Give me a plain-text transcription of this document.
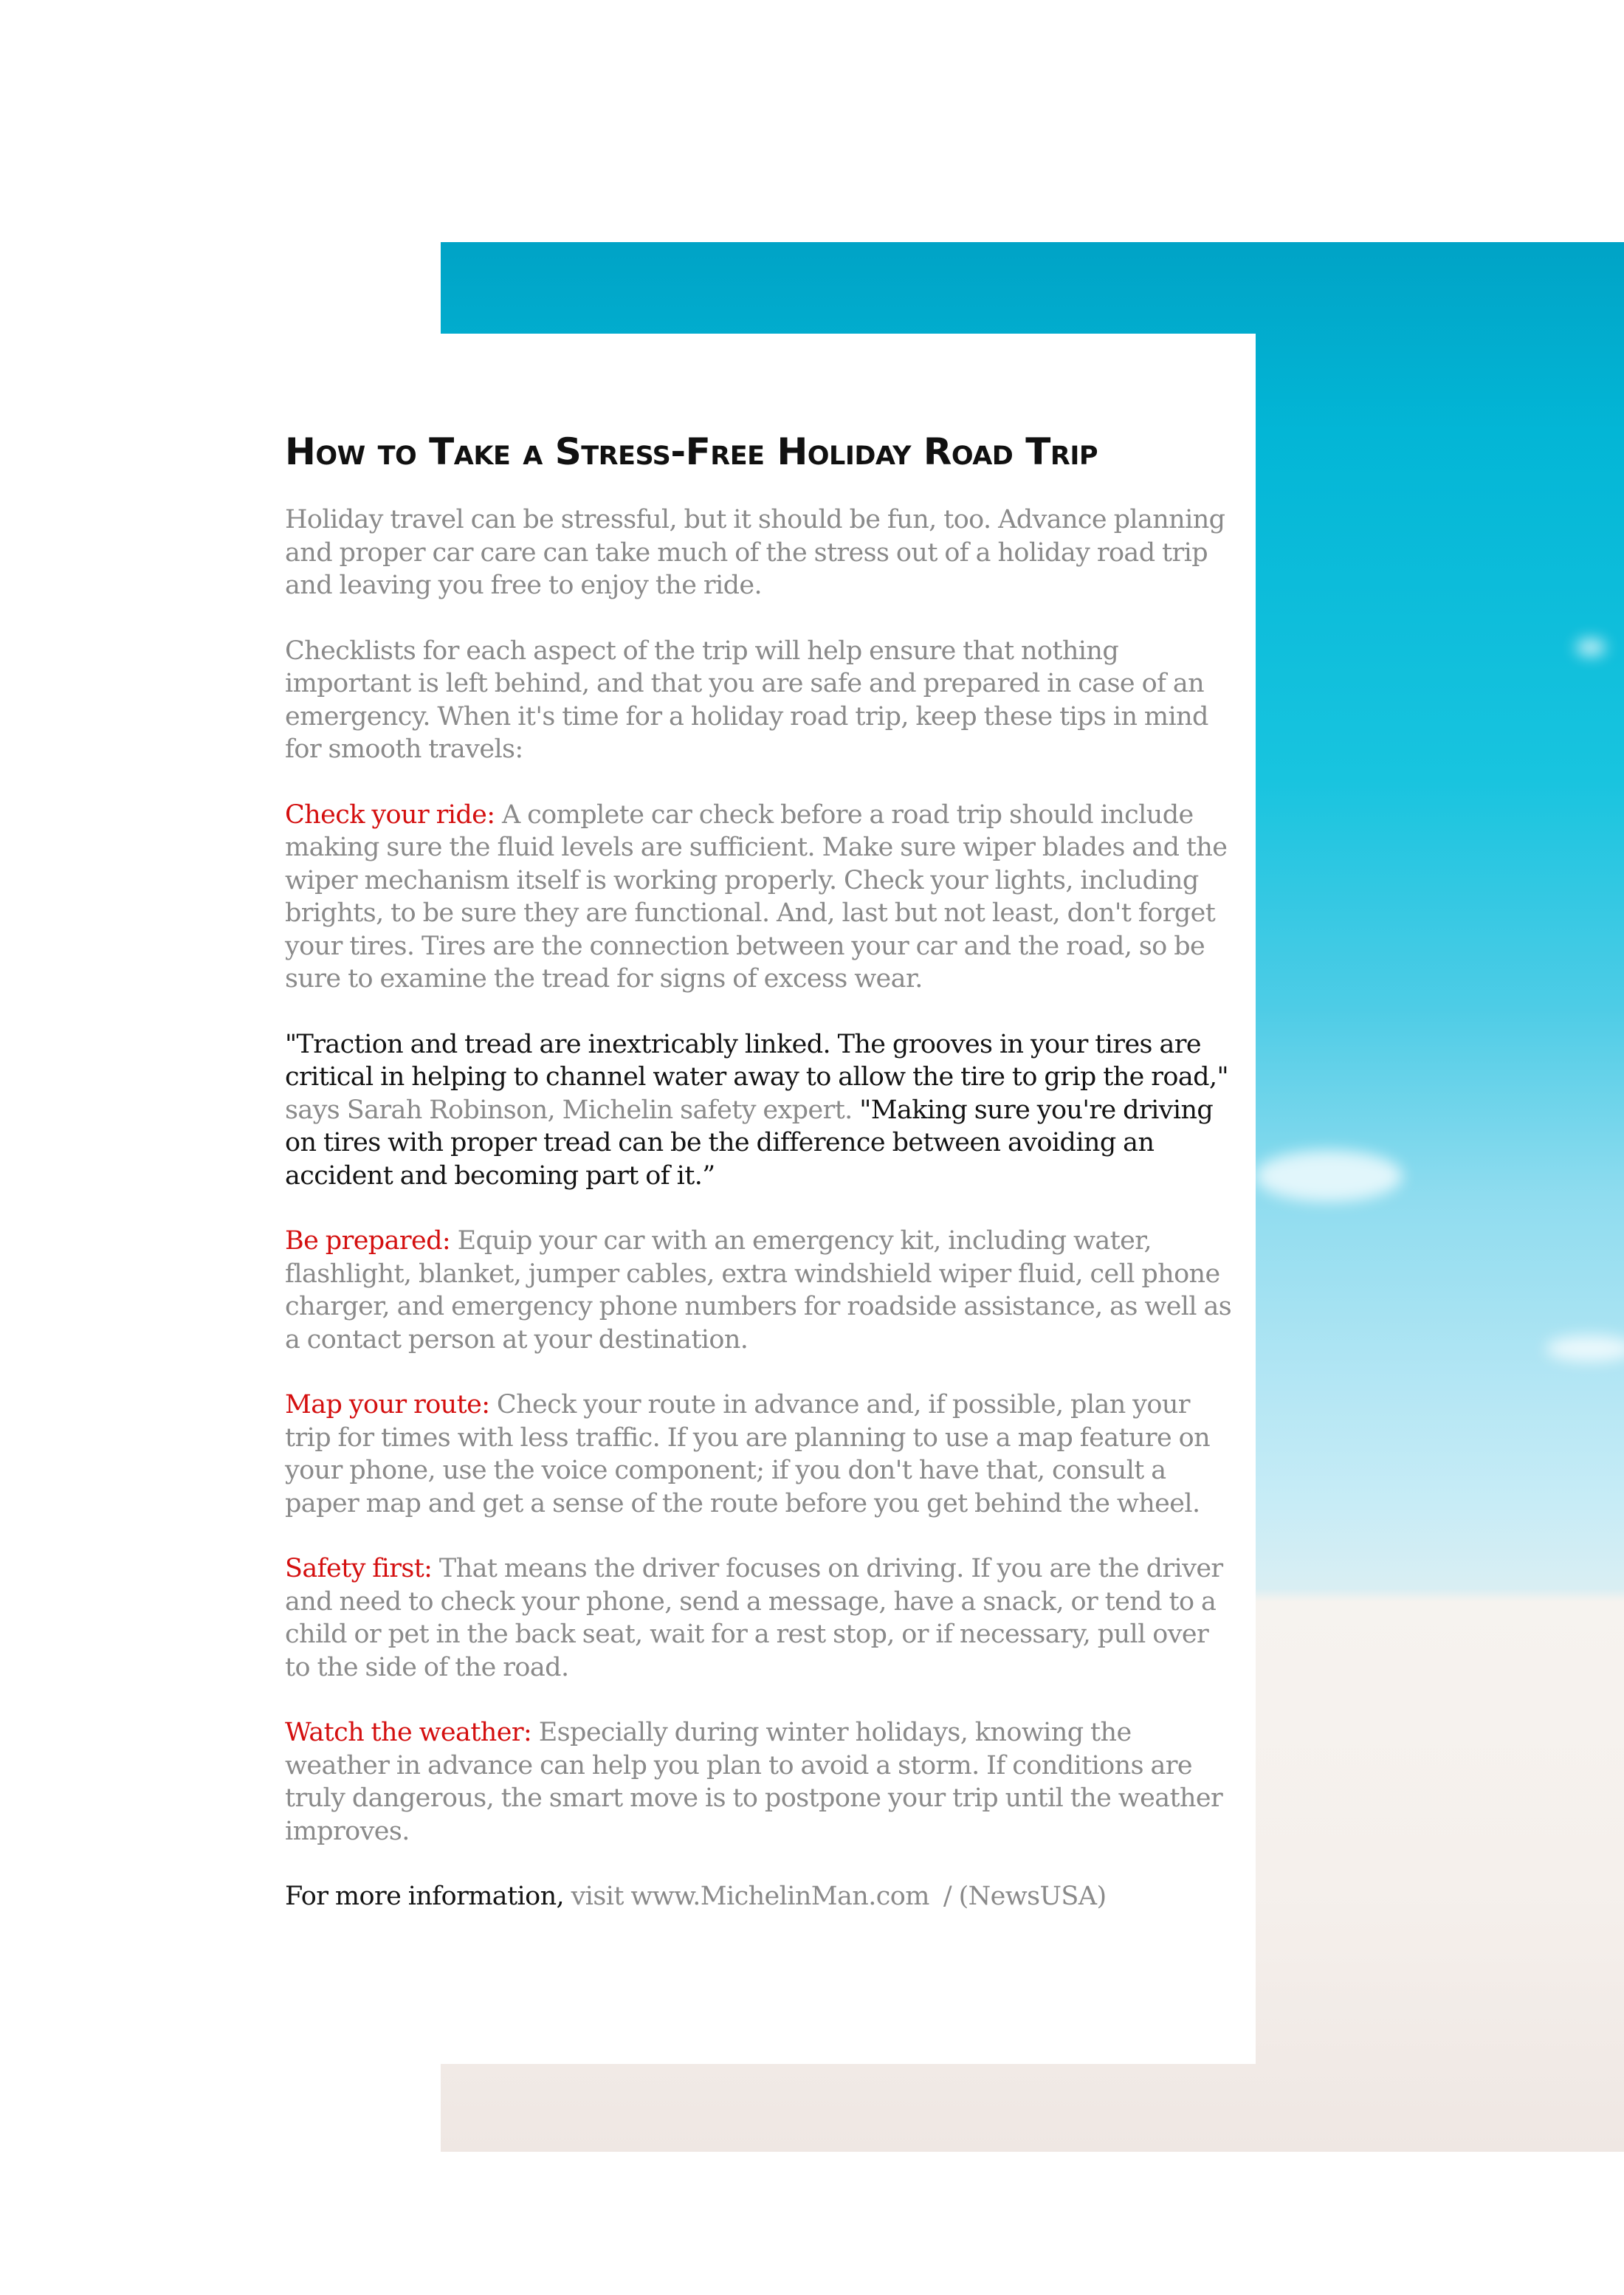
How to Take a Stress-Free Holiday Road Trip

Holiday travel can be stressful, but it should be fun, too. Advance planning and proper car care can take much of the stress out of a holiday road trip and leaving you free to enjoy the ride.

Checklists for each aspect of the trip will help ensure that nothing important is left behind, and that you are safe and prepared in case of an emergency. When it's time for a holiday road trip, keep these tips in mind for smooth travels:

Check your ride: A complete car check before a road trip should include making sure the fluid levels are sufficient. Make sure wiper blades and the wiper mechanism itself is working properly. Check your lights, including brights, to be sure they are functional. And, last but not least, don't forget your tires. Tires are the connection between your car and the road, so be sure to examine the tread for signs of excess wear.

"Traction and tread are inextricably linked. The grooves in your tires are critical in helping to channel water away to allow the tire to grip the road," says Sarah Robinson, Michelin safety expert. "Making sure you're driving on tires with proper tread can be the difference between avoiding an accident and becoming part of it.”

Be prepared: Equip your car with an emergency kit, including water, flashlight, blanket, jumper cables, extra windshield wiper fluid, cell phone charger, and emergency phone numbers for roadside assistance, as well as a contact person at your destination.

Map your route: Check your route in advance and, if possible, plan your trip for times with less traffic. If you are planning to use a map feature on your phone, use the voice component; if you don't have that, consult a paper map and get a sense of the route before you get behind the wheel.

Safety first: That means the driver focuses on driving. If you are the driver and need to check your phone, send a message, have a snack, or tend to a child or pet in the back seat, wait for a rest stop, or if necessary, pull over to the side of the road.

Watch the weather: Especially during winter holidays, knowing the weather in advance can help you plan to avoid a storm. If conditions are truly dangerous, the smart move is to postpone your trip until the weather improves.

For more information, visit www.MichelinMan.com  / (NewsUSA)
